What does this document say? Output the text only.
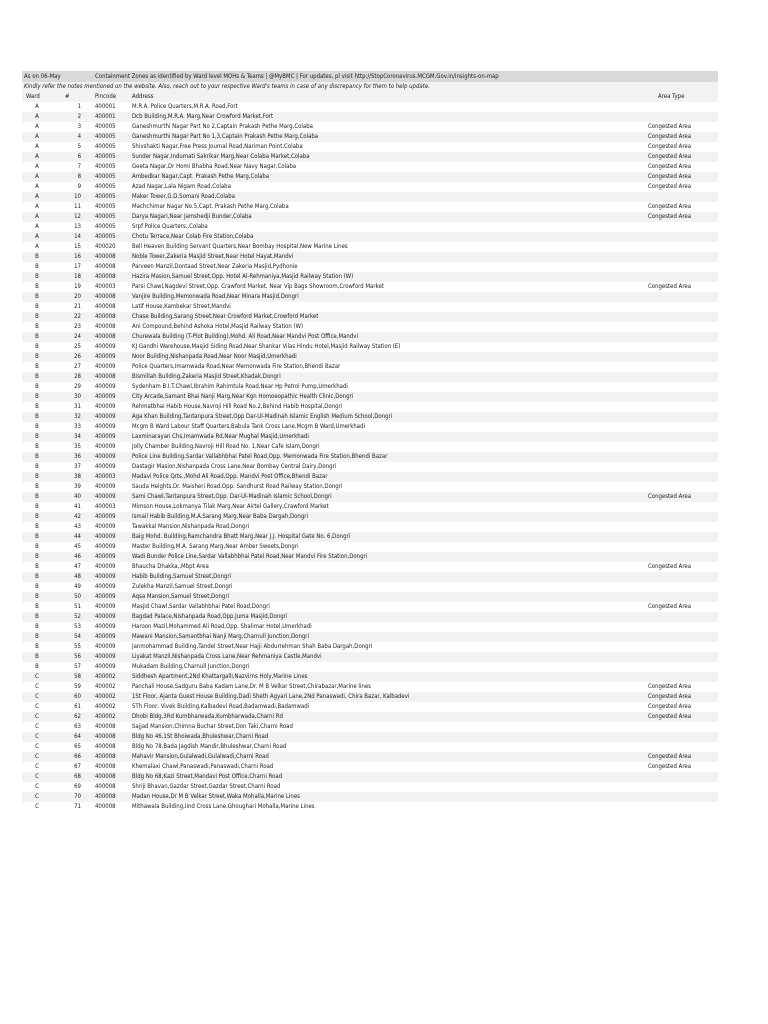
As on 06-May	Containment Zones as identified by Ward level MOHs & Teams | @MyBMC | For updates, pl visit http://StopCoronavirus.MCGM.Gov.in/insights-on-map
Kindly refer the notes mentioned on the website. Also, reach out to your respective Ward's teams in case of any discrepancy for them to help update.
Ward	#	Pincode	Address	Area Type
A	1 400001	M.R.A. Police Quarters,M.R.A. Road,Fort
A	2 400001	Dcb Building,M.R.A. Marg,Near Crowford Market,Fort
A	3 400005	Ganeshmurthi Nagar Part No 2,Captain Prakash Pethe Marg,Colaba	Congested Area
A	4 400005	Ganeshmurthi Nagar Part No 1,3,Captain Prakash Pethe Marg,Colaba	Congested Area
A	5 400005	Shivshakti Nagar,Free Press Journal Road,Nariman Point,Colaba	Congested Area
A	6 400005	Sunder Nagar,Indumati Sakrikar Marg,Near Colaba Market,Colaba	Congested Area
A	7 400005	Geeta Nagar,Dr Homi Bhabha Road,Near Navy Nagar,Colaba	Congested Area
A	8 400005	Ambedkar Nagar,Capt. Prakash Pethe Marg,Colaba	Congested Area
A	9 400005	Azad Nagar,Lala Nigam Road,Colaba	Congested Area
A	10 400005	Maker Tower,G.D.Somani Road,Colaba
A	11 400005	Machchimar Nagar No.5,Capt. Prakash Pethe Marg,Colaba	Congested Area
A	12 400005	Darya Nagari,Near Jamshedji Bunder,Colaba	Congested Area
A	13 400005	Srpf Police Quarters,,Colaba
A	14 400005	Chotu Terrace,Near Colab Fire Station,Colaba
A	15 400020	Bell Heaven Building Servant Quarters,Near Bombay Hospital,New Marine Lines
B	16 400008	Noble Tower,Zakeria Masjid Street,Near Hotel Hayat,Mandvi
B	17 400008	Parveen Manzil,Dontaad Street,Near Zakeria Masjid,Pydhonie
B	18 400008	Hazira Masion,Samuel Street,Opp. Hotel Al-Rehmaniya,Masjid Railway Station (W)
B	19 400003	Parsi Chawl,Nagdevi Street,Opp. Crawford Market, Near Vip Bags Showroom,Crowford Market	Congested Area
B	20 400008	Vanjire Building,Memonwada Road,Near Minara Masjid,Dongri
B	21 400008	Latif House,Kambekar Street,Mandvi
B	22 400008	Chase Building,Sarang Street,Near Crowford Market,Crowford Market
B	23 400008	Ani Compound,Behind Ashoka Hotel,Masjid Railway Station (W)
B	24 400008	Churewala Building (T-Plot Building),Mohd. Ali Road,Near Mandvi Post Office,Mandvi
B	25 400009	KJ Gandhi Warehouse,Masjid Siding Road,Near Shankar Vilas Hindu Hotel,Masjid Railway Station (E)
B	26 400009	Noor Building,Nishanpada Road,Near Noor Masjid,Umerkhadi
B	27 400009	Police Quarters,Imamwada Road,Near Memonwada Fire Station,Bhendi Bazar
B	28 400008	Bismillah Building,Zakeria Masjid Street,Khadak,Dongri
B	29 400009	Sydenham B.I.T.Chawl,Ibrahim Rahimtula Road,Near Hp Petrol Pump,Umerkhadi
B	30 400009	City Arcade,Samant Bhai Nanji Marg,Near Kgn Homoeopathic Health Clinic,Dongri
B	31 400009	Rehmatbhai Habib House,Navroji Hill Road No.2,Behind Habib Hospital,Dongri
B	32 400009	Aga Khan Building,Tantanpura Street,Opp Dar-Ul-Madinah Islamic English Medium School,Dongri
B	33 400009	Mcgm B Ward Labour Staff Quarters,Babula Tank Cross Lane,Mcgm B Ward,Umerkhadi
B	34 400009	Laxminarayan Chs,Imamwada Rd,Near Mughal Masjid,Umerkhadi
B	35 400009	Jolly Chamber Building,Navroji Hill Road No. 1,Near Cafe Islam,Dongri
B	36 400009	Police Line Building,Sardar Vallabhbhai Patel Road,Opp. Memonwada Fire Station,Bhendi Bazar
B	37 400009	Dastagir Masion,Nishanpada Cross Lane,Near Bombay Central Dairy,Dongri
B	38 400003	Madavi Police Qrts.,Mohd Ali Road,Opp. Mandvi Post Office,Bhendi Bazar
B	39 400009	Sauda Heights,Dr. Maisheri Road,Opp. Sandhurst Road Railway Station,Dongri
B	40 400009	Sami Chawl,Tantanpura Street,Opp. Dar-Ul-Madinah Islamic School,Dongri	Congested Area
B	41 400003	Mimson House,Lokmanya Tilak Marg,Near Airtel Gallery,Crawford Market
B	42 400009	Ismail Habib Building,M.A.Sarang Marg,Near Baba Dargah,Dongri
B	43 400009	Tawakkal Mansion,Nishanpada Road,Dongri
B	44 400009	Baig Mohd. Building,Ramchandra Bhatt Marg,Near J.J. Hospital Gate No. 6,Dongri
B	45 400009	Master Building,M.A. Sarang Marg,Near Amber Sweets,Dongri
B	46 400009	Wadi Bunder Police Line,Sardar Vallabhbhai Patel Road,Near Mandvi Fire Station,Dongri
B	47 400009	Bhaucha Dhakka,,Mbpt Area	Congested Area
B	48 400009	Habib Building,Samuel Street,Dongri
B	49 400009	Zulekha Manzil,Samuel Street,Dongri
B	50 400009	Aqsa Mansion,Samuel Street,Dongri
B	51 400009	Masjid Chawl,Sardar Vallabhbhai Patel Road,Dongri	Congested Area
B	52 400009	Bagdad Palace,Nishanpada Road,Opp.Juma Masjid,Dongri
B	53 400009	Haroon Mazil,Mohammed Ali Road,Opp. Shalimar Hotel,Umerkhadi
B	54 400009	Mawani Mansion,Samantbhai Nanji Marg,Charnull Junction,Dongri
B	55 400009	Janmohammad Building,Tandel Street,Near Hajji Abdurrehman Shah Baba Dargah,Dongri
B	56 400009	Liyakat Manzil,Nishanpada Cross Lane,Near Rehmaniya Castle,Mandvi
B	57 400009	Mukadam Building,Charnull Junction,Dongri
C	58 400002	Siddhesh Apartment,2Nd Khattargalli,Nazvirns Holy,Marine Lines
C	59 400002	Panchali House,Sadguru Baba Kadam Lane,Dr. M B Velkar Street,Chirabazar,Marine lines	Congested Area
C	60 400002	1St Floor, Ajanta Guest House Building,Dadi Sheth Agyari Lane,2Nd Panaswadi, Chira Bazar, Kalbadevi	Congested Area
C	61 400002	5Th Floor, Vivek Building,Kalbadevi Road,Badamwadi,Badamwadi	Congested Area
C	62 400002	Dhobi Bldg,3Rd Kumbharwada,Kumbharwada,Charni Rd	Congested Area
C	63 400008	Sajjad Mansion,Chimna Buchar Street,Don Taki,Charni Road
C	64 400008	Bldg No 46,1St Bhoiwada,Bhuleshwar,Charni Road
C	65 400008	Bldg No 78,Bada Jagdish Mandir,Bhuleshwar,Charni Road
C	66 400008	Mahavir Mansion,Gulalwadi,Gulalwadi,Charni Road	Congested Area
C	67 400008	Khemalaxi Chawl,Panaswadi,Panaswadi,Charni Road	Congested Area
C	68 400008	Bldg No 68,Kazi Street,Mandavi Post Office,Charni Road
C	69 400008	Shriji Bhavan,Gazdar Street,Gazdar Street,Charni Road
C	70 400008	Madan House,Dr M B Velkar Street,Waka Mohalla,Marine Lines
C	71 400008	Mithawala Building,Iind Cross Lane,Ghoughari Mohalla,Marine Lines
